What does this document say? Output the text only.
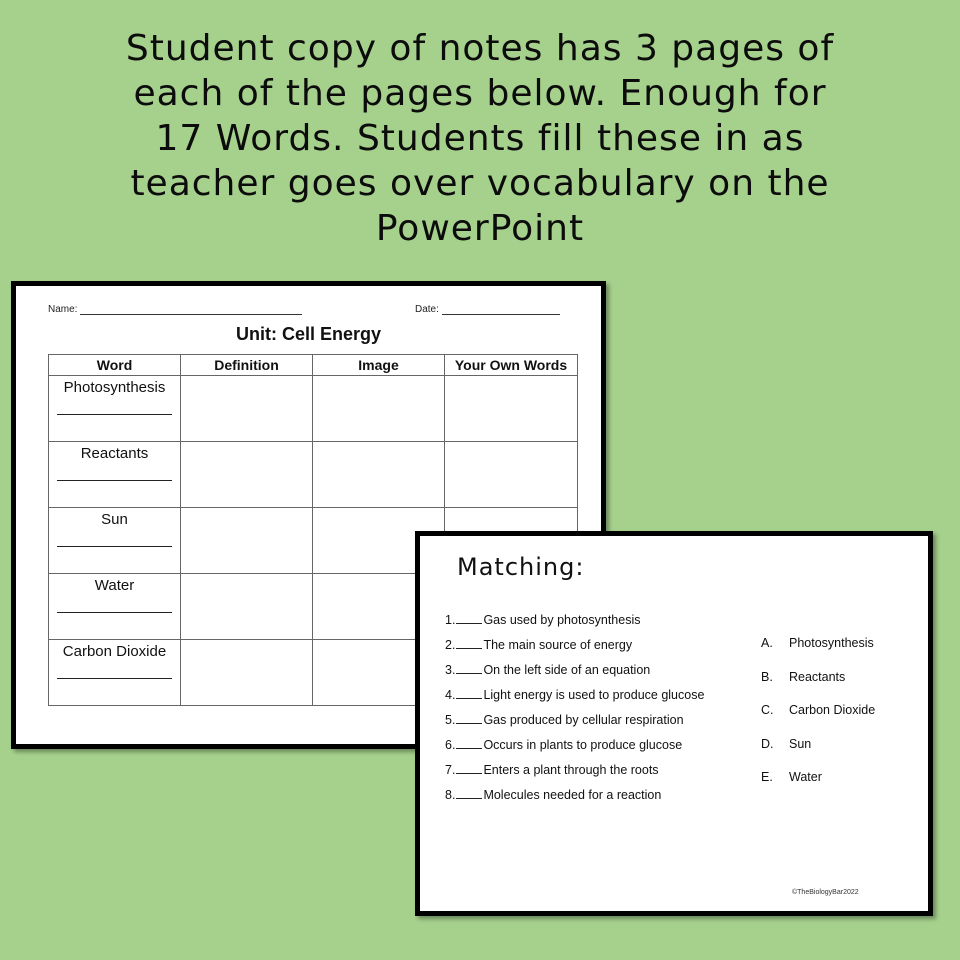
Student copy of notes has 3 pages of
each of the pages below. Enough for
17 Words. Students fill these in as
teacher goes over vocabulary on the
PowerPoint
Name:	Date:
Unit: Cell Energy
Word	Definition	Image	Your Own Words
Photosynthesis

Reactants

Sun

Water

Carbon Dioxide

Matching:
1. Gas used by photosynthesis
2. The main source of energy
3. On the left side of an equation
4. Light energy is used to produce glucose
5. Gas produced by cellular respiration
6. Occurs in plants to produce glucose
7. Enters a plant through the roots
8. Molecules needed for a reaction
A. Photosynthesis
B. Reactants
C. Carbon Dioxide
D. Sun
E. Water
©TheBiologyBar2022
